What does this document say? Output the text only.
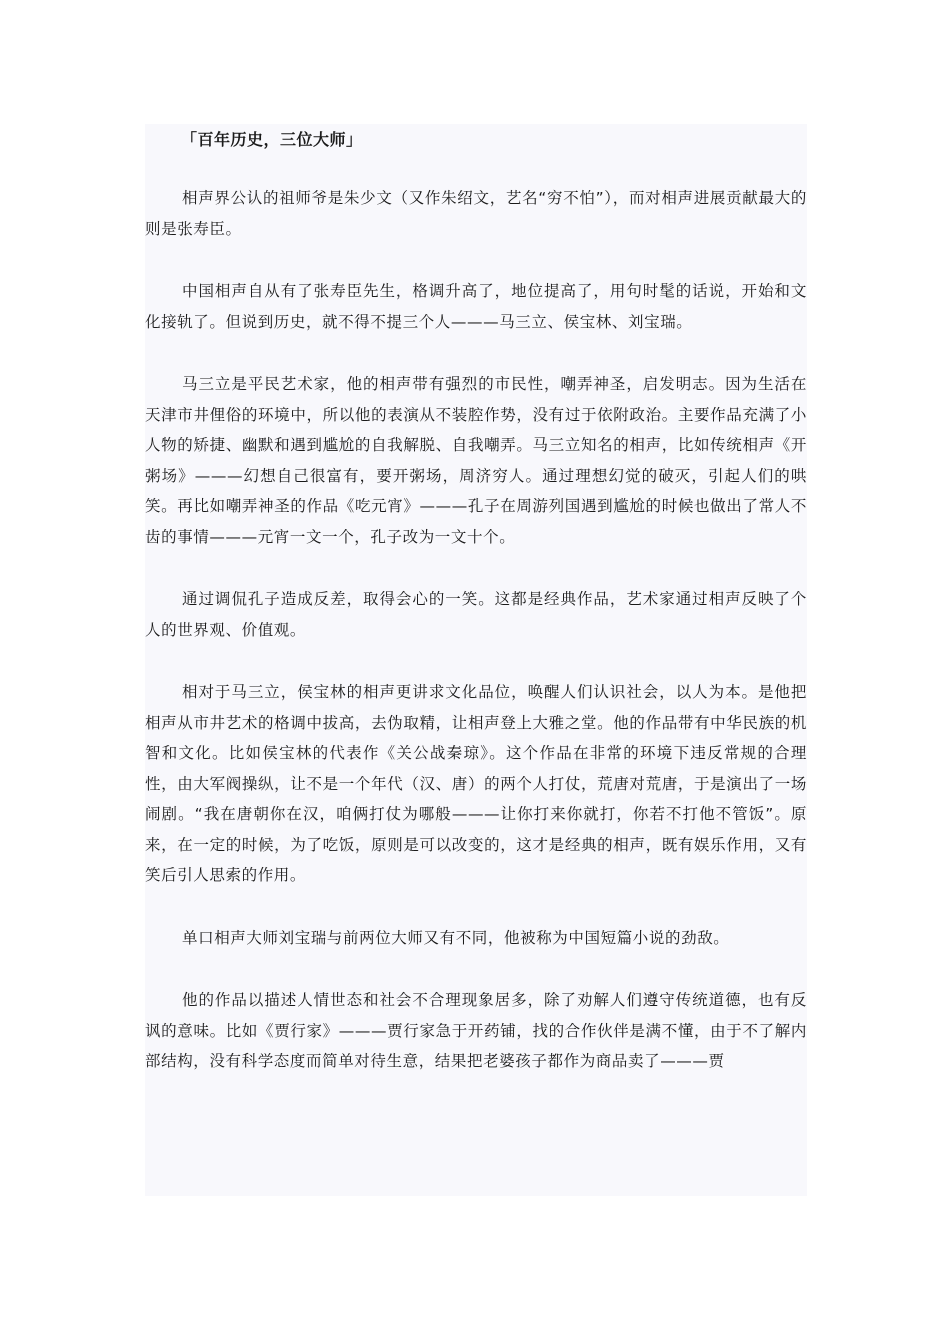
「百年历史，三位大师」

相声界公认的祖师爷是朱少文（又作朱绍文，艺名“穷不怕”），而对相声进展贡献最大的则是张寿臣。

中国相声自从有了张寿臣先生，格调升高了，地位提高了，用句时髦的话说，开始和文化接轨了。但说到历史，就不得不提三个人———马三立、侯宝林、刘宝瑞。

马三立是平民艺术家，他的相声带有强烈的市民性，嘲弄神圣，启发明志。因为生活在天津市井俚俗的环境中，所以他的表演从不装腔作势，没有过于依附政治。主要作品充满了小人物的矫捷、幽默和遇到尴尬的自我解脱、自我嘲弄。马三立知名的相声，比如传统相声《开粥场》———幻想自己很富有，要开粥场，周济穷人。通过理想幻觉的破灭，引起人们的哄笑。再比如嘲弄神圣的作品《吃元宵》———孔子在周游列国遇到尴尬的时候也做出了常人不齿的事情———元宵一文一个，孔子改为一文十个。

通过调侃孔子造成反差，取得会心的一笑。这都是经典作品，艺术家通过相声反映了个人的世界观、价值观。

相对于马三立，侯宝林的相声更讲求文化品位，唤醒人们认识社会，以人为本。是他把相声从市井艺术的格调中拔高，去伪取精，让相声登上大雅之堂。他的作品带有中华民族的机智和文化。比如侯宝林的代表作《关公战秦琼》。这个作品在非常的环境下违反常规的合理性，由大军阀操纵，让不是一个年代（汉、唐）的两个人打仗，荒唐对荒唐，于是演出了一场闹剧。“我在唐朝你在汉，咱俩打仗为哪般———让你打来你就打，你若不打他不管饭”。原来，在一定的时候，为了吃饭，原则是可以改变的，这才是经典的相声，既有娱乐作用，又有笑后引人思索的作用。

单口相声大师刘宝瑞与前两位大师又有不同，他被称为中国短篇小说的劲敌。

他的作品以描述人情世态和社会不合理现象居多，除了劝解人们遵守传统道德，也有反讽的意味。比如《贾行家》———贾行家急于开药铺，找的合作伙伴是满不懂，由于不了解内部结构，没有科学态度而简单对待生意，结果把老婆孩子都作为商品卖了———贾
